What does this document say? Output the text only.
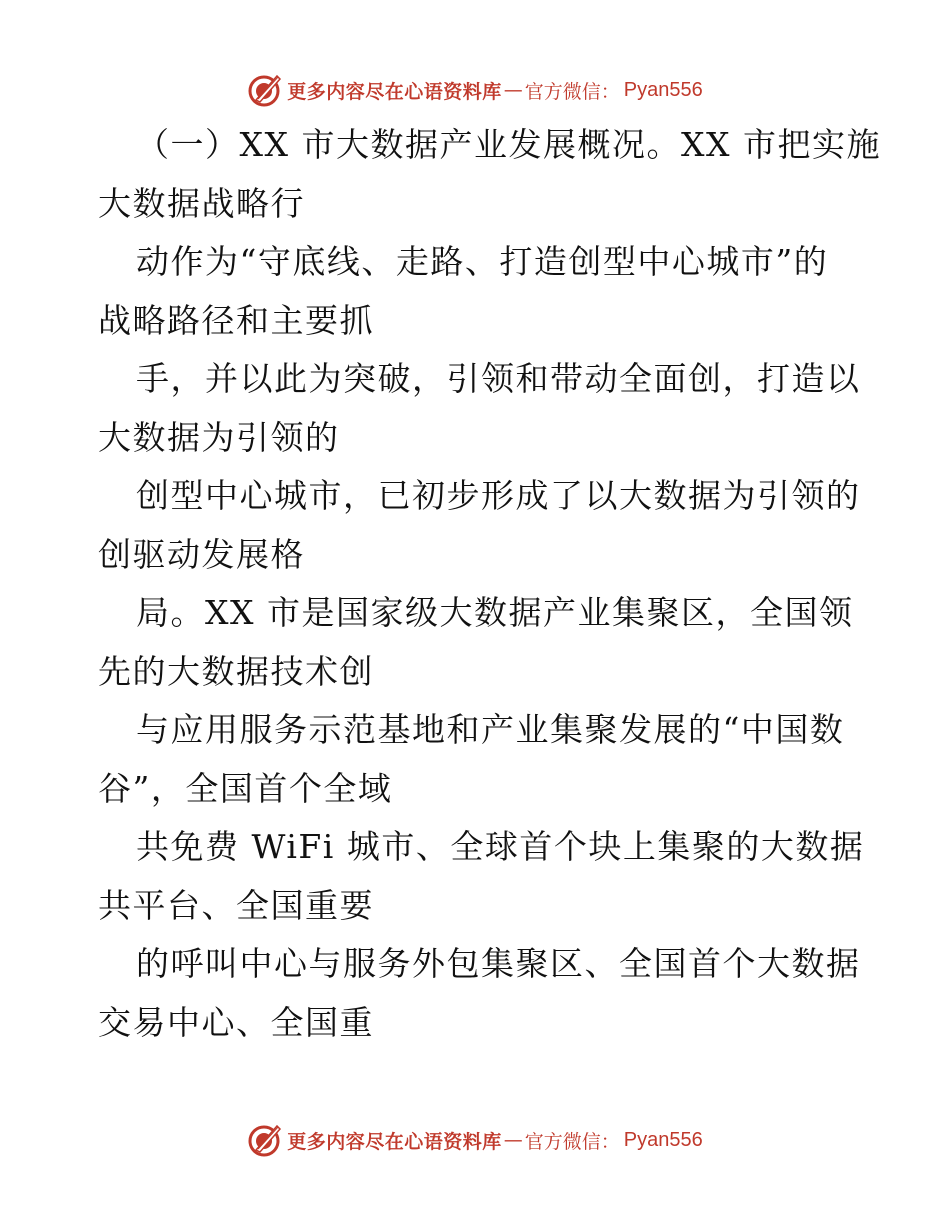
更多内容尽在心语资料库 — 官方微信： Pyan556
（一）XX 市大数据产业发展概况。XX 市把实施
大数据战略行
动作为“守底线、走路、打造创型中心城市”的
战略路径和主要抓
手，并以此为突破，引领和带动全面创，打造以
大数据为引领的
创型中心城市，已初步形成了以大数据为引领的
创驱动发展格
局。XX 市是国家级大数据产业集聚区，全国领
先的大数据技术创
与应用服务示范基地和产业集聚发展的“中国数
谷”，全国首个全域
共免费 WiFi 城市、全球首个块上集聚的大数据
共平台、全国重要
的呼叫中心与服务外包集聚区、全国首个大数据
交易中心、全国重
更多内容尽在心语资料库 — 官方微信： Pyan556
